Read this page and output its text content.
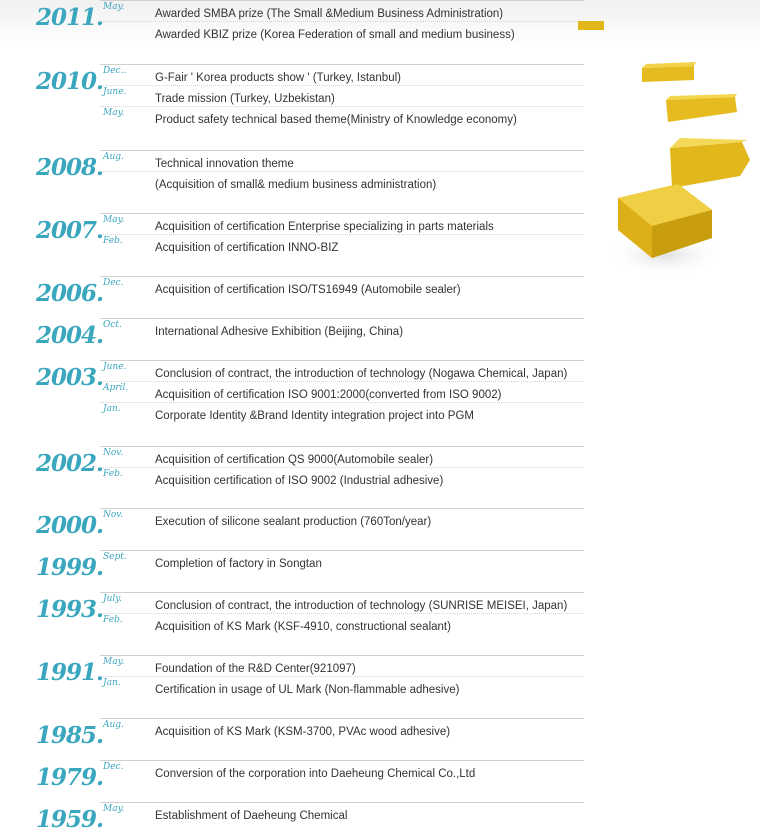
2011. May.
Awarded SMBA prize (The Small &Medium Business Administration)
Awarded KBIZ prize (Korea Federation of small and medium business)
2010. Dec..
G-Fair ' Korea products show ' (Turkey, Istanbul)
June.
Trade mission (Turkey, Uzbekistan)
May.
Product safety technical based theme(Ministry of Knowledge economy)
2008. Aug.
Technical innovation theme
(Acquisition of small& medium business administration)
2007. May.
Acquisition of certification Enterprise specializing in parts materials
Feb.
Acquisition of certification INNO-BIZ
2006. Dec.
Acquisition of certification ISO/TS16949 (Automobile sealer)
2004. Oct.
International Adhesive Exhibition (Beijing, China)
2003. June.
Conclusion of contract, the introduction of technology (Nogawa Chemical, Japan)
April.
Acquisition of certification ISO 9001:2000(converted from ISO 9002)
Jan.
Corporate Identity &Brand Identity integration project into PGM
2002. Nov.
Acquisition of certification QS 9000(Automobile sealer)
Feb.
Acquisition certification of ISO 9002 (Industrial adhesive)
2000. Nov.
Execution of silicone sealant production (760Ton/year)
1999. Sept.
Completion of factory in Songtan
1993. July.
Conclusion of contract, the introduction of technology (SUNRISE MEISEI, Japan)
Feb.
Acquisition of KS Mark (KSF-4910, constructional sealant)
1991. May.
Foundation of the R&D Center(921097)
Jan.
Certification in usage of UL Mark (Non-flammable adhesive)
1985. Aug.
Acquisition of KS Mark (KSM-3700, PVAc wood adhesive)
1979. Dec.
Conversion of the corporation into Daeheung Chemical Co.,Ltd
1959. May.
Establishment of Daeheung Chemical
